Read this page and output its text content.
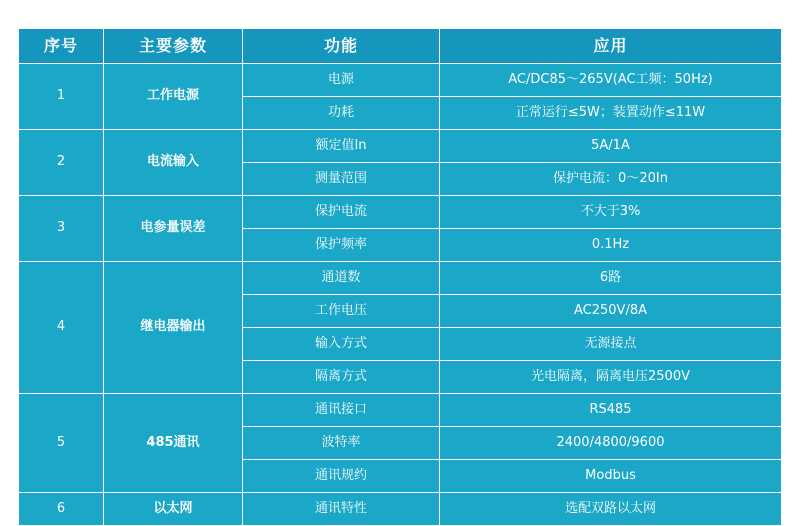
序号	主要参数	功能	应用
1	工作电源	电源	AC/DC85～265V(AC工频：50Hz)
		功耗	正常运行≤5W；装置动作≤11W
2	电流输入	额定值In	5A/1A
		测量范围	保护电流：0～20In
3	电参量误差	保护电流	不大于3%
		保护频率	0.1Hz
4	继电器输出	通道数	6路
		工作电压	AC250V/8A
		输入方式	无源接点
		隔离方式	光电隔离，隔离电压2500V
5	485通讯	通讯接口	RS485
		波特率	2400/4800/9600
		通讯规约	Modbus
6	以太网	通讯特性	选配双路以太网
